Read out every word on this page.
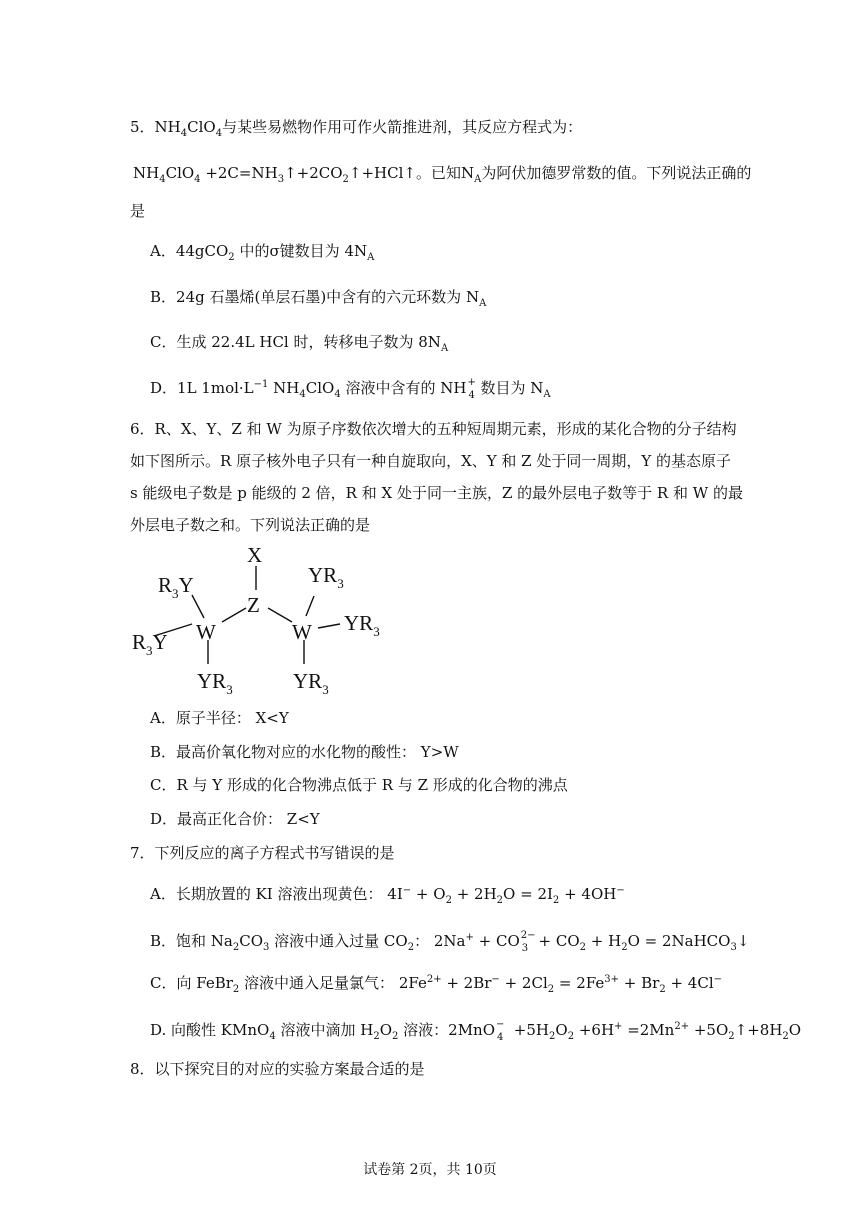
5．$NH_4ClO_4$与某些易燃物作用可作火箭推进剂，其反应方程式为：
$NH_4ClO_4$ $+2C=NH_3↑+2CO_2↑+HCl↑$。已知$N_A$为阿伏加德罗常数的值。下列说法正确的
是
A．44gCO$_2$ 中的σ键数目为 $4N_A$
B．24g 石墨烯(单层石墨)中含有的六元环数为 $N_A$
C．生成 22.4L HCl 时，转移电子数为 $8N_A$
D．1L $1mol\cdot L^{-1}$ $NH_4ClO_4$ 溶液中含有的 NH +
4 数目为 $N_A$
6．R、X、Y、Z 和 W 为原子序数依次增大的五种短周期元素，形成的某化合物的分子结构
如下图所示。R 原子核外电子只有一种自旋取向，X、Y 和 Z 处于同一周期，Y 的基态原子
s 能级电子数是 p 能级的 2 倍，R 和 X 处于同一主族，Z 的最外层电子数等于 R 和 W 的最
外层电子数之和。下列说法正确的是
X
Z
W	W
$R_3Y$
$R_3Y$
$YR_3$
$YR_3$
$YR_3$
$YR_3$
A．原子半径： X<Y
B．最高价氧化物对应的水化物的酸性： Y>W
C．R 与 Y 形成的化合物沸点低于 R 与 Z 形成的化合物的沸点
D．最高正化合价： Z<Y
7．下列反应的离子方程式书写错误的是
A．长期放置的 KI 溶液出现黄色： $4I^- + O_2 + 2H_2O = 2I_2 + 4OH^-$
B．饱和 $Na_2CO_3$ 溶液中通入过量 $CO_2$： 2Na+ + CO 2−
$3 + CO_2 + H_2O$ = 2NaHCO$_3$↓
C．向 FeBr$_2$ 溶液中通入足量氯气： $2Fe^{2+} + 2Br^- + 2Cl_2 = 2Fe^{3+} + Br_2 + 4Cl^-$
D. 向酸性 KMnO$_4$ 溶液中滴加 $H_2O_2$ 溶液：2MnO −
$4 +5H_2O_2 +6H^+ =2Mn^{2+}$ $+5O_2↑+8H_2O$
8．以下探究目的对应的实验方案最合适的是
试卷第 2页，共 10页
